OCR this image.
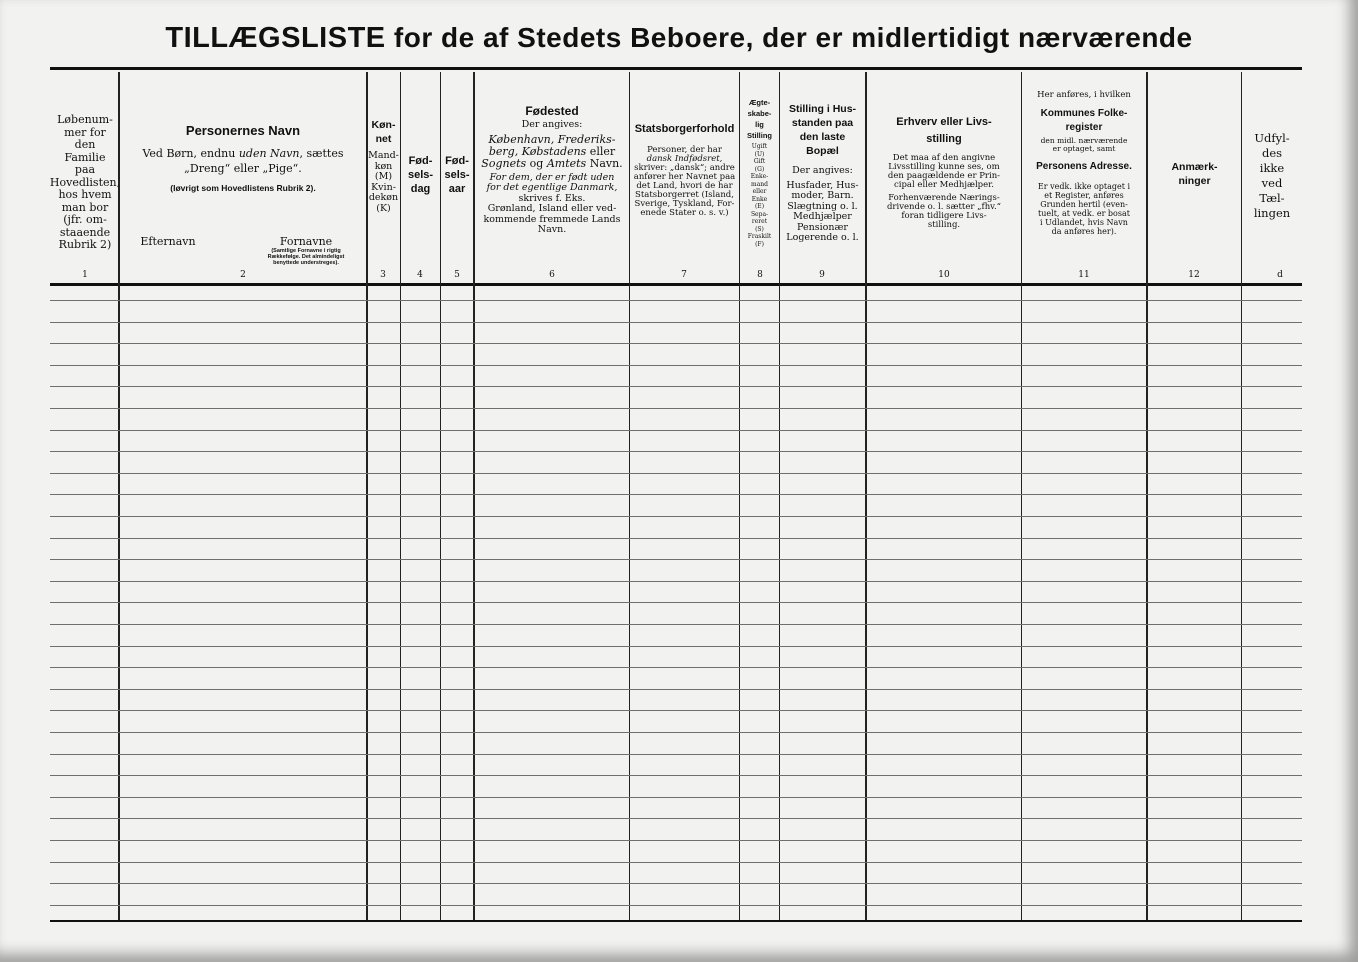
TILLÆGSLISTE for de af Stedets Beboere, der er midlertidigt nærværende
Løbenum-
mer for den
Familie paa
Hovedlisten,
hos hvem
man bor
(jfr. om-
staaende
Rubrik 2)
1
Personernes Navn
Ved Børn, endnu uden Navn, sættes
„Dreng“ eller „Pige“.
(Iøvrigt som Hovedlistens Rubrik 2).
Efternavn	Fornavne
(Samtlige Fornavne i rigtig Rækkefølge. Det almindeligst benyttede understreges).
2
Køn-
net
Mand-
køn
(M)
Kvin-
dekøn
(K)
3
Fød-
sels-
dag
4
Fød-
sels-
aar
5
Fødested
Der angives:
København, Frederiks-
berg, Købstadens eller
Sognets og Amtets Navn.
For dem, der er født uden
for det egentlige Danmark,
skrives f. Eks.
Grønland, Island eller ved-
kommende fremmede Lands
Navn.
6
Statsborgerforhold
Personer, der har
dansk Indfødsret,
skriver: „dansk“; andre
anfører her Navnet paa
det Land, hvori de har
Statsborgerret (Island,
Sverige, Tyskland, For-
enede Stater o. s. v.)
7
Ægte-
skabe-
lig
Stilling
Ugift
(U)
Gift
(G)
Enke-
mand
eller
Enke
(E)
Sepa-
reret
(S)
Fraskilt
(F)
8
Stilling i Hus-
standen paa
den laste
Bopæl
Der angives:
Husfader, Hus-
moder, Barn.
Slægtning o. l.
Medhjælper
Pensionær
Logerende o. l.
9
Erhverv eller Livs-
stilling
Det maa af den angivne
Livsstilling kunne ses, om
den paagældende er Prin-
cipal eller Medhjælper.
Forhenværende Nærings-
drivende o. l. sætter „fhv.“
foran tidligere Livs-
stilling.
10
Her anføres, i hvilken
Kommunes Folke-
register
den midl. nærværende
er optaget, samt
Personens Adresse.
Er vedk. ikke optaget i
et Register, anføres
Grunden hertil (even-
tuelt, at vedk. er bosat
i Udlandet, hvis Navn
da anføres her).
11
Anmærk-
ninger
12
Udfyl-
des
ikke
ved
Tæl-
lingen
d
